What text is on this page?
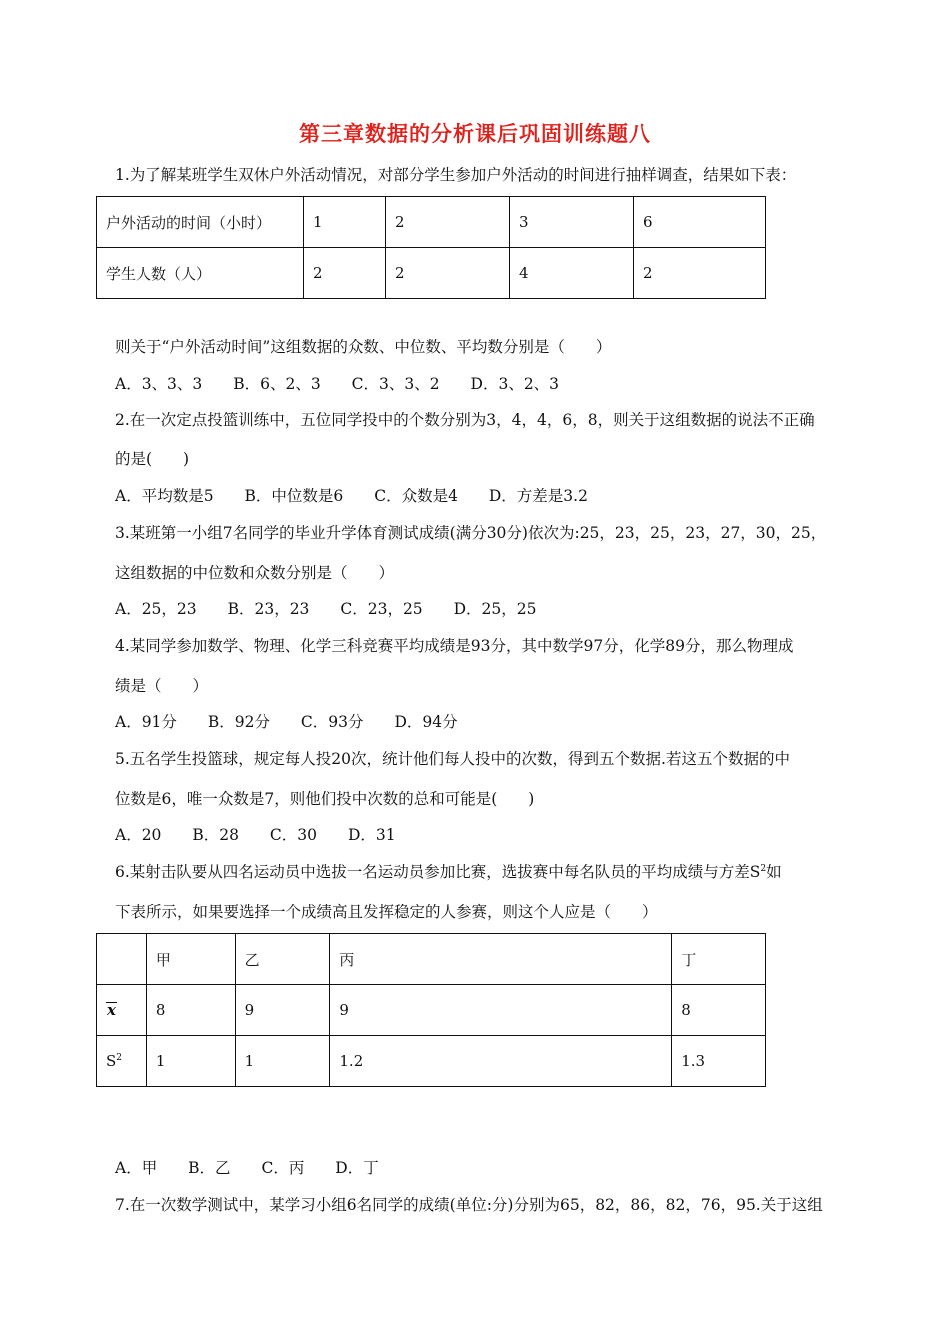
第三章数据的分析课后巩固训练题八
1.为了解某班学生双休户外活动情况，对部分学生参加户外活动的时间进行抽样调查，结果如下表：
户外活动的时间（小时）	1	2	3	6
学生人数（人）	2	2	4	2
则关于“户外活动时间”这组数据的众数、中位数、平均数分别是（　　）
A．3、3、3 B．6、2、3 C．3、3、2 D．3、2、3
2.在一次定点投篮训练中，五位同学投中的个数分别为3，4，4，6，8，则关于这组数据的说法不正确
的是(　　)
A．平均数是5 B．中位数是6 C．众数是4 D．方差是3.2
3.某班第一小组7名同学的毕业升学体育测试成绩(满分30分)依次为:25，23，25，23，27，30，25，
这组数据的中位数和众数分别是（　　）
A．25，23 B．23，23 C．23，25 D．25，25
4.某同学参加数学、物理、化学三科竞赛平均成绩是93分，其中数学97分，化学89分，那么物理成
绩是（　　）
A．91分 B．92分 C．93分 D．94分
5.五名学生投篮球，规定每人投20次，统计他们每人投中的次数，得到五个数据.若这五个数据的中
位数是6，唯一众数是7，则他们投中次数的总和可能是(　　)
A．20 B．28 C．30 D．31
6.某射击队要从四名运动员中选拔一名运动员参加比赛，选拔赛中每名队员的平均成绩与方差$S^2$如
下表所示，如果要选择一个成绩高且发挥稳定的人参赛，则这个人应是（　　）
	甲	乙	丙	丁
x	8	9	9	8
$S^2$	1	1	1.2	1.3
A．甲 B．乙 C．丙 D．丁
7.在一次数学测试中，某学习小组6名同学的成绩(单位:分)分别为65，82，86，82，76，95.关于这组
